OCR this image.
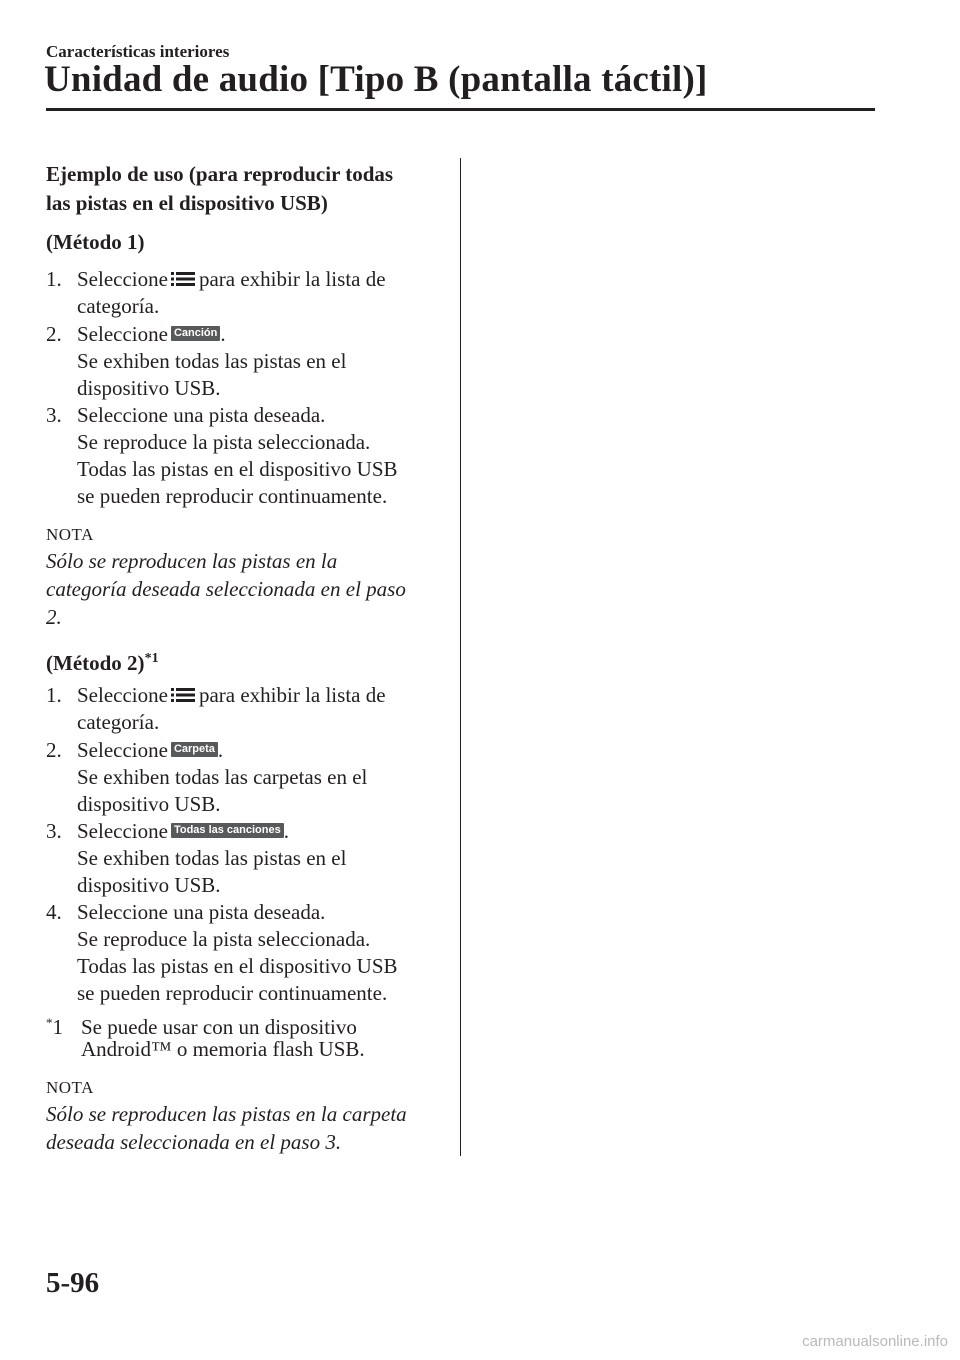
Características interiores
Unidad de audio [Tipo B (pantalla táctil)]
Ejemplo de uso (para reproducir todas
las pistas en el dispositivo USB)
(Método 1)
1. Seleccione para exhibir la lista de
categoría.
2. Seleccione Canción .
Se exhiben todas las pistas en el
dispositivo USB.
3. Seleccione una pista deseada.
Se reproduce la pista seleccionada.
Todas las pistas en el dispositivo USB
se pueden reproducir continuamente.
NOTA
Sólo se reproducen las pistas en la
categoría deseada seleccionada en el paso
2.
(Método 2)$^{*1}$
1. Seleccione para exhibir la lista de
categoría.
2. Seleccione Carpeta .
Se exhiben todas las carpetas en el
dispositivo USB.
3. Seleccione Todas las canciones .
Se exhiben todas las pistas en el
dispositivo USB.
4. Seleccione una pista deseada.
Se reproduce la pista seleccionada.
Todas las pistas en el dispositivo USB
se pueden reproducir continuamente.
*1 Se puede usar con un dispositivo
Android™ o memoria flash USB.
NOTA
Sólo se reproducen las pistas en la carpeta
deseada seleccionada en el paso 3.
5-96
carmanualsonline.info
